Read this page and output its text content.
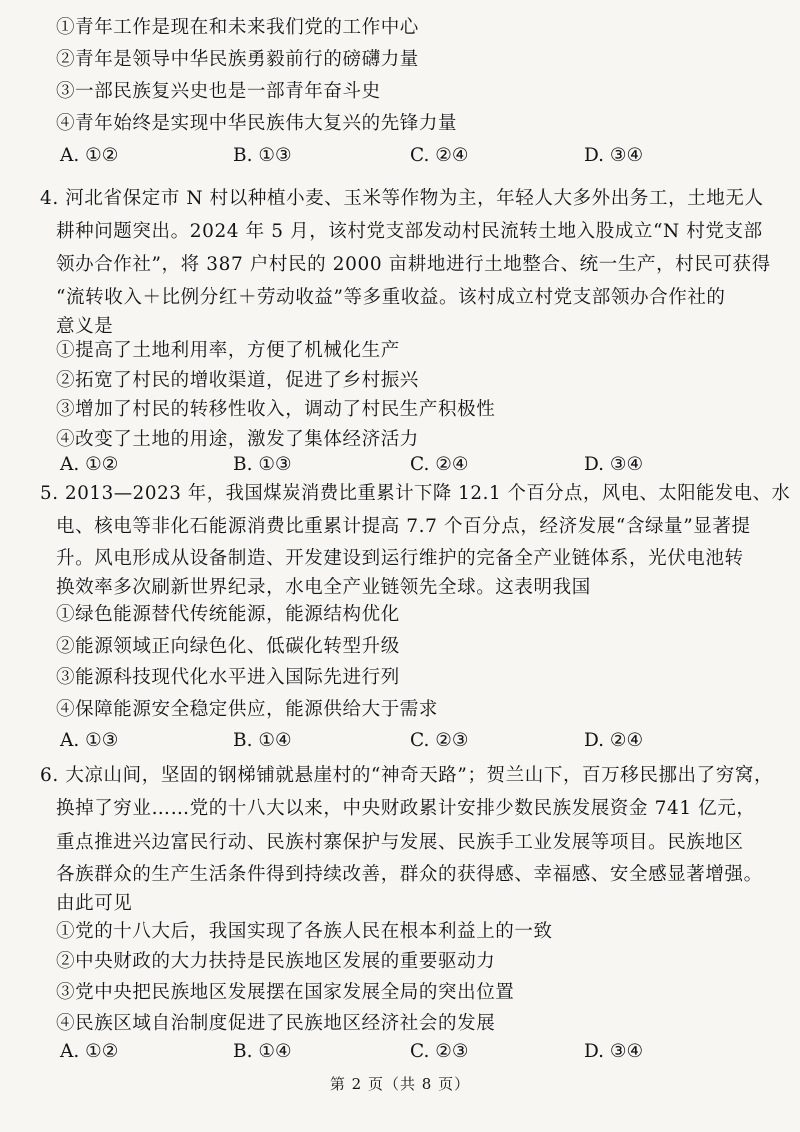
①青年工作是现在和未来我们党的工作中心
②青年是领导中华民族勇毅前行的磅礴力量
③一部民族复兴史也是一部青年奋斗史
④青年始终是实现中华民族伟大复兴的先锋力量
A. ①②	B. ①③	C. ②④	D. ③④
4. 河北省保定市 N 村以种植小麦、玉米等作物为主，年轻人大多外出务工，土地无人
耕种问题突出。2024 年 5 月，该村党支部发动村民流转土地入股成立“N 村党支部
领办合作社”，将 387 户村民的 2000 亩耕地进行土地整合、统一生产，村民可获得
“流转收入＋比例分红＋劳动收益”等多重收益。该村成立村党支部领办合作社的
意义是
①提高了土地利用率，方便了机械化生产
②拓宽了村民的增收渠道，促进了乡村振兴
③增加了村民的转移性收入，调动了村民生产积极性
④改变了土地的用途，激发了集体经济活力
A. ①②	B. ①③	C. ②④	D. ③④
5. 2013—2023 年，我国煤炭消费比重累计下降 12.1 个百分点，风电、太阳能发电、水
电、核电等非化石能源消费比重累计提高 7.7 个百分点，经济发展“含绿量”显著提
升。风电形成从设备制造、开发建设到运行维护的完备全产业链体系，光伏电池转
换效率多次刷新世界纪录，水电全产业链领先全球。这表明我国
①绿色能源替代传统能源，能源结构优化
②能源领域正向绿色化、低碳化转型升级
③能源科技现代化水平进入国际先进行列
④保障能源安全稳定供应，能源供给大于需求
A. ①③	B. ①④	C. ②③	D. ②④
6. 大凉山间，坚固的钢梯铺就悬崖村的“神奇天路”；贺兰山下，百万移民挪出了穷窝，
换掉了穷业……党的十八大以来，中央财政累计安排少数民族发展资金 741 亿元，
重点推进兴边富民行动、民族村寨保护与发展、民族手工业发展等项目。民族地区
各族群众的生产生活条件得到持续改善，群众的获得感、幸福感、安全感显著增强。
由此可见
①党的十八大后，我国实现了各族人民在根本利益上的一致
②中央财政的大力扶持是民族地区发展的重要驱动力
③党中央把民族地区发展摆在国家发展全局的突出位置
④民族区域自治制度促进了民族地区经济社会的发展
A. ①②	B. ①④	C. ②③	D. ③④
第 2 页（共 8 页）
